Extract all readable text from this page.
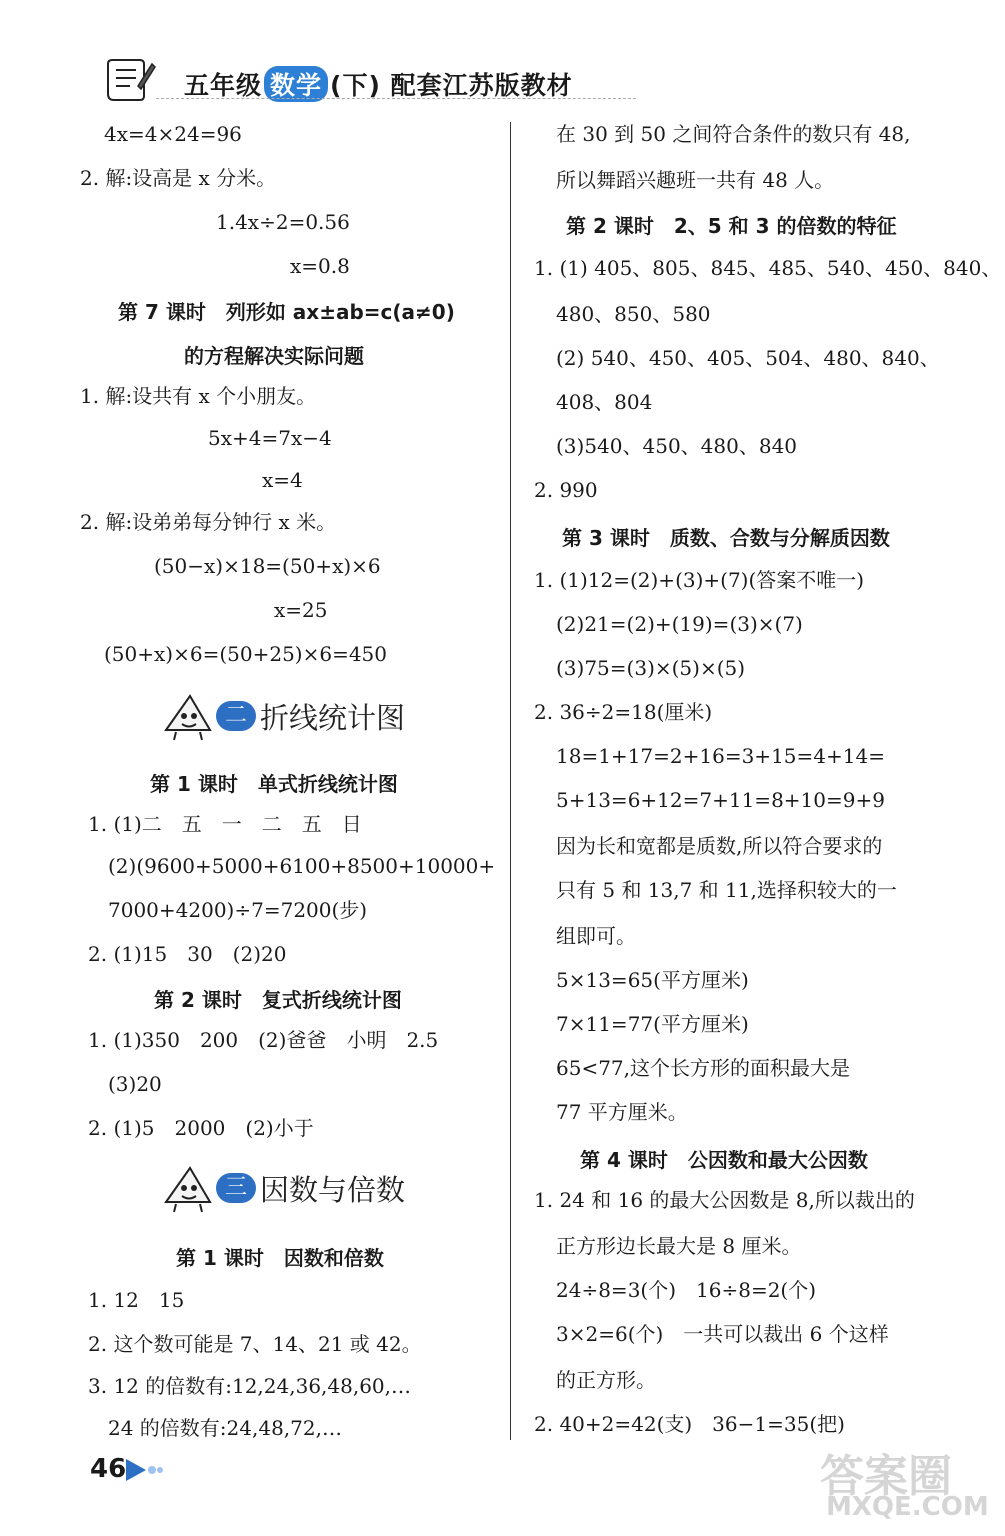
五年级 数学 (下) 配套江苏版教材
4x=4×24=96
2. 解:设高是 x 分米。
1.4x÷2=0.56
x=0.8
第 7 课时　列形如 ax±ab=c(a≠0)
的方程解决实际问题
1. 解:设共有 x 个小朋友。
5x+4=7x−4
x=4
2. 解:设弟弟每分钟行 x 米。
(50−x)×18=(50+x)×6
x=25
(50+x)×6=(50+25)×6=450
二 折线统计图
第 1 课时　单式折线统计图
1. (1)二　五　一　二　五　日
(2)(9600+5000+6100+8500+10000+
7000+4200)÷7=7200(步)
2. (1)15　30　(2)20
第 2 课时　复式折线统计图
1. (1)350　200　(2)爸爸　小明　2.5
(3)20
2. (1)5　2000　(2)小于
三 因数与倍数
第 1 课时　因数和倍数
1. 12　15
2. 这个数可能是 7、14、21 或 42。
3. 12 的倍数有:12,24,36,48,60,…
24 的倍数有:24,48,72,…
在 30 到 50 之间符合条件的数只有 48,
所以舞蹈兴趣班一共有 48 人。
第 2 课时　2、5 和 3 的倍数的特征
1. (1) 405、805、845、485、540、450、840、
480、850、580
(2) 540、450、405、504、480、840、
408、804
(3)540、450、480、840
2. 990
第 3 课时　质数、合数与分解质因数
1. (1)12=(2)+(3)+(7)(答案不唯一)
(2)21=(2)+(19)=(3)×(7)
(3)75=(3)×(5)×(5)
2. 36÷2=18(厘米)
18=1+17=2+16=3+15=4+14=
5+13=6+12=7+11=8+10=9+9
因为长和宽都是质数,所以符合要求的
只有 5 和 13,7 和 11,选择积较大的一
组即可。
5×13=65(平方厘米)
7×11=77(平方厘米)
65<77,这个长方形的面积最大是
77 平方厘米。
第 4 课时　公因数和最大公因数
1. 24 和 16 的最大公因数是 8,所以裁出的
正方形边长最大是 8 厘米。
24÷8=3(个)　16÷8=2(个)
3×2=6(个)　一共可以裁出 6 个这样
的正方形。
2. 40+2=42(支)　36−1=35(把)
46	答案圈
MXQE.COM
